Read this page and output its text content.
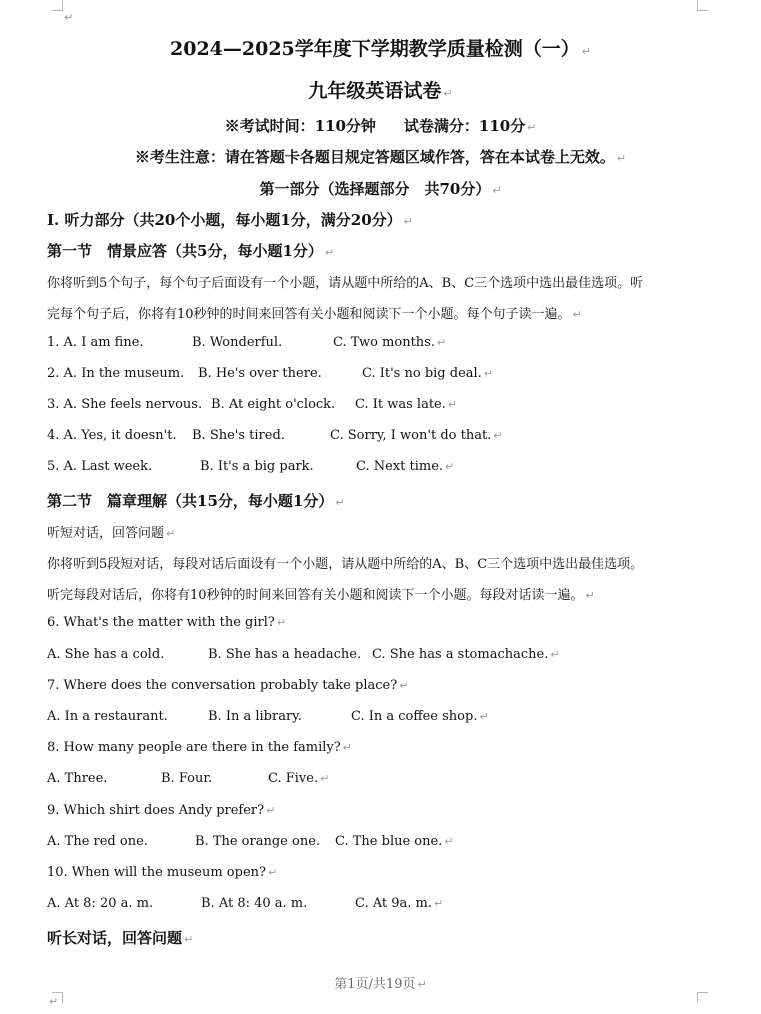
↵
2024—2025学年度下学期教学质量检测（一） ↵
九年级英语试卷 ↵
※考试时间：110分钟 试卷满分：110分 ↵
※考生注意：请在答题卡各题目规定答题区域作答，答在本试卷上无效。 ↵
第一部分（选择题部分　共70分） ↵
Ⅰ. 听力部分（共20个小题，每小题1分，满分20分） ↵
第一节　情景应答（共5分，每小题1分） ↵
你将听到5个句子，每个句子后面设有一个小题，请从题中所给的A、B、C三个选项中选出最佳选项。听
完每个句子后，你将有10秒钟的时间来回答有关小题和阅读下一个小题。每个句子读一遍。 ↵
1. A. I am fine.	B. Wonderful.	C. Two months. ↵
2. A. In the museum. B. He's over there.	C. It's no big deal. ↵
3. A. She feels nervous. B. At eight o'clock. C. It was late. ↵
4. A. Yes, it doesn't. B. She's tired.	C. Sorry, I won't do that. ↵
5. A. Last week.	B. It's a big park.	C. Next time. ↵
第二节　篇章理解（共15分，每小题1分） ↵
听短对话，回答问题 ↵
你将听到5段短对话，每段对话后面设有一个小题，请从题中所给的A、B、C三个选项中选出最佳选项。
听完每段对话后，你将有10秒钟的时间来回答有关小题和阅读下一个小题。每段对话读一遍。 ↵
6. What's the matter with the girl? ↵
A. She has a cold.	B. She has a headache. C. She has a stomachache. ↵
7. Where does the conversation probably take place? ↵
A. In a restaurant.	B. In a library.	C. In a coffee shop. ↵
8. How many people are there in the family? ↵
A. Three.	B. Four.	C. Five. ↵
9. Which shirt does Andy prefer? ↵
A. The red one.	B. The orange one. C. The blue one. ↵
10. When will the museum open? ↵
A. At 8: 20 a. m.	B. At 8: 40 a. m.	C. At 9a. m. ↵
听长对话，回答问题 ↵
第1页/共19页 ↵
↵
